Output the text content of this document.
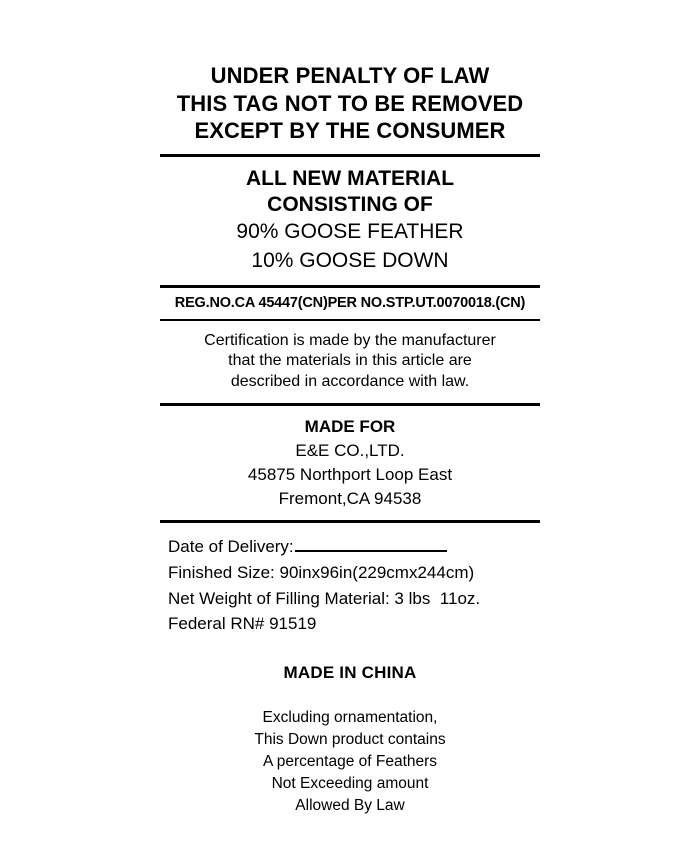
UNDER PENALTY OF LAW
THIS TAG NOT TO BE REMOVED
EXCEPT BY THE CONSUMER
ALL NEW MATERIAL
CONSISTING OF
90% GOOSE FEATHER
10% GOOSE DOWN
REG.NO.CA 45447(CN)PER NO.STP.UT.0070018.(CN)
Certification is made by the manufacturer
that the materials in this article are
described in accordance with law.
MADE FOR
E&E CO.,LTD.
45875 Northport Loop East
Fremont,CA 94538
Date of Delivery:
Finished Size: 90inx96in(229cmx244cm)
Net Weight of Filling Material: 3 lbs  11oz.
Federal RN# 91519
MADE IN CHINA
Excluding ornamentation,
This Down product contains
A percentage of Feathers
Not Exceeding amount
Allowed By Law
